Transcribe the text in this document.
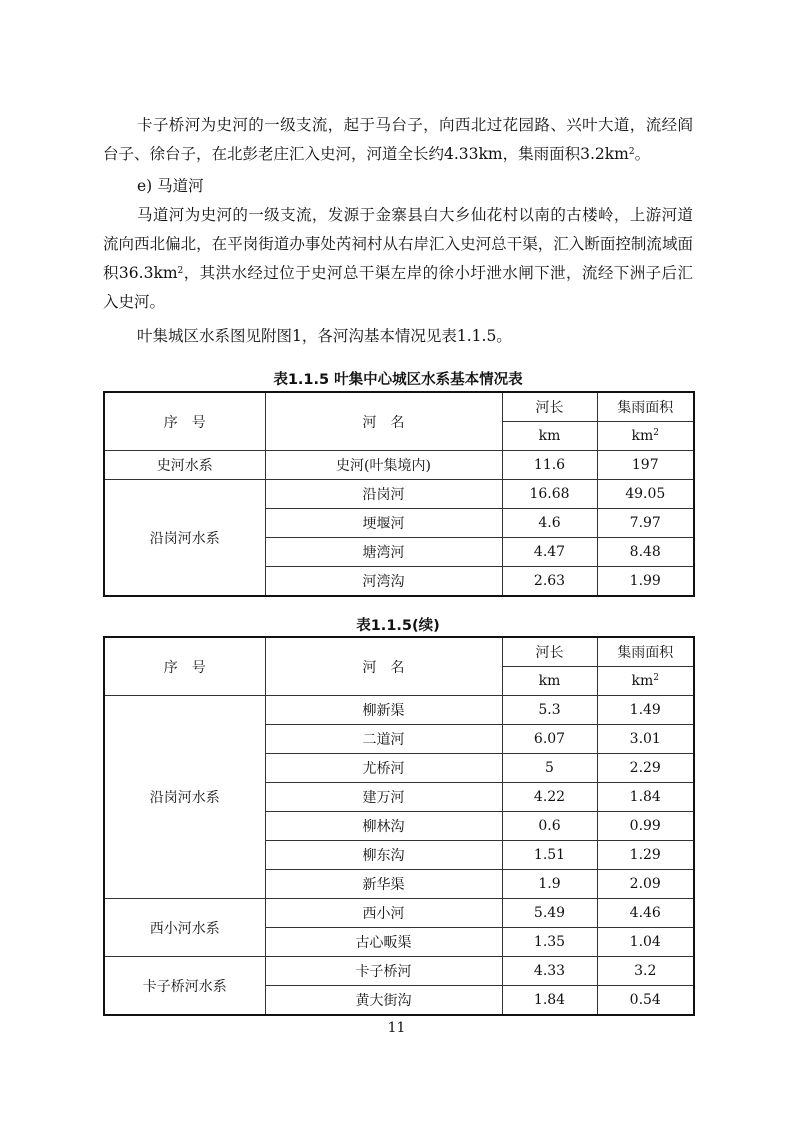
卡子桥河为史河的一级支流，起于马台子，向西北过花园路、兴叶大道，流经阎台子、徐台子，在北彭老庄汇入史河，河道全长约4.33km，集雨面积$3.2km^2$。

e) 马道河

马道河为史河的一级支流，发源于金寨县白大乡仙花村以南的古楼岭，上游河道流向西北偏北，在平岗街道办事处芮祠村从右岸汇入史河总干渠，汇入断面控制流域面积$36.3km^2$，其洪水经过位于史河总干渠左岸的徐小圩泄水闸下泄，流经下洲子后汇入史河。

叶集城区水系图见附图1，各河沟基本情况见表1.1.5。

表1.1.5 叶集中心城区水系基本情况表
序　号	河　名	河长	集雨面积
		km	$km^2$
史河水系	史河(叶集境内)	11.6	197
沿岗河水系	沿岗河	16.68	49.05
	埂堰河	4.6	7.97
	塘湾河	4.47	8.48
	河湾沟	2.63	1.99
表1.1.5(续)
序　号	河　名	河长	集雨面积
		km	$km^2$
沿岗河水系	柳新渠	5.3	1.49
	二道河	6.07	3.01
	尤桥河	5	2.29
	建万河	4.22	1.84
	柳林沟	0.6	0.99
	柳东沟	1.51	1.29
	新华渠	1.9	2.09
西小河水系	西小河	5.49	4.46
	古心畈渠	1.35	1.04
卡子桥河水系	卡子桥河	4.33	3.2
	黄大街沟	1.84	0.54
11
